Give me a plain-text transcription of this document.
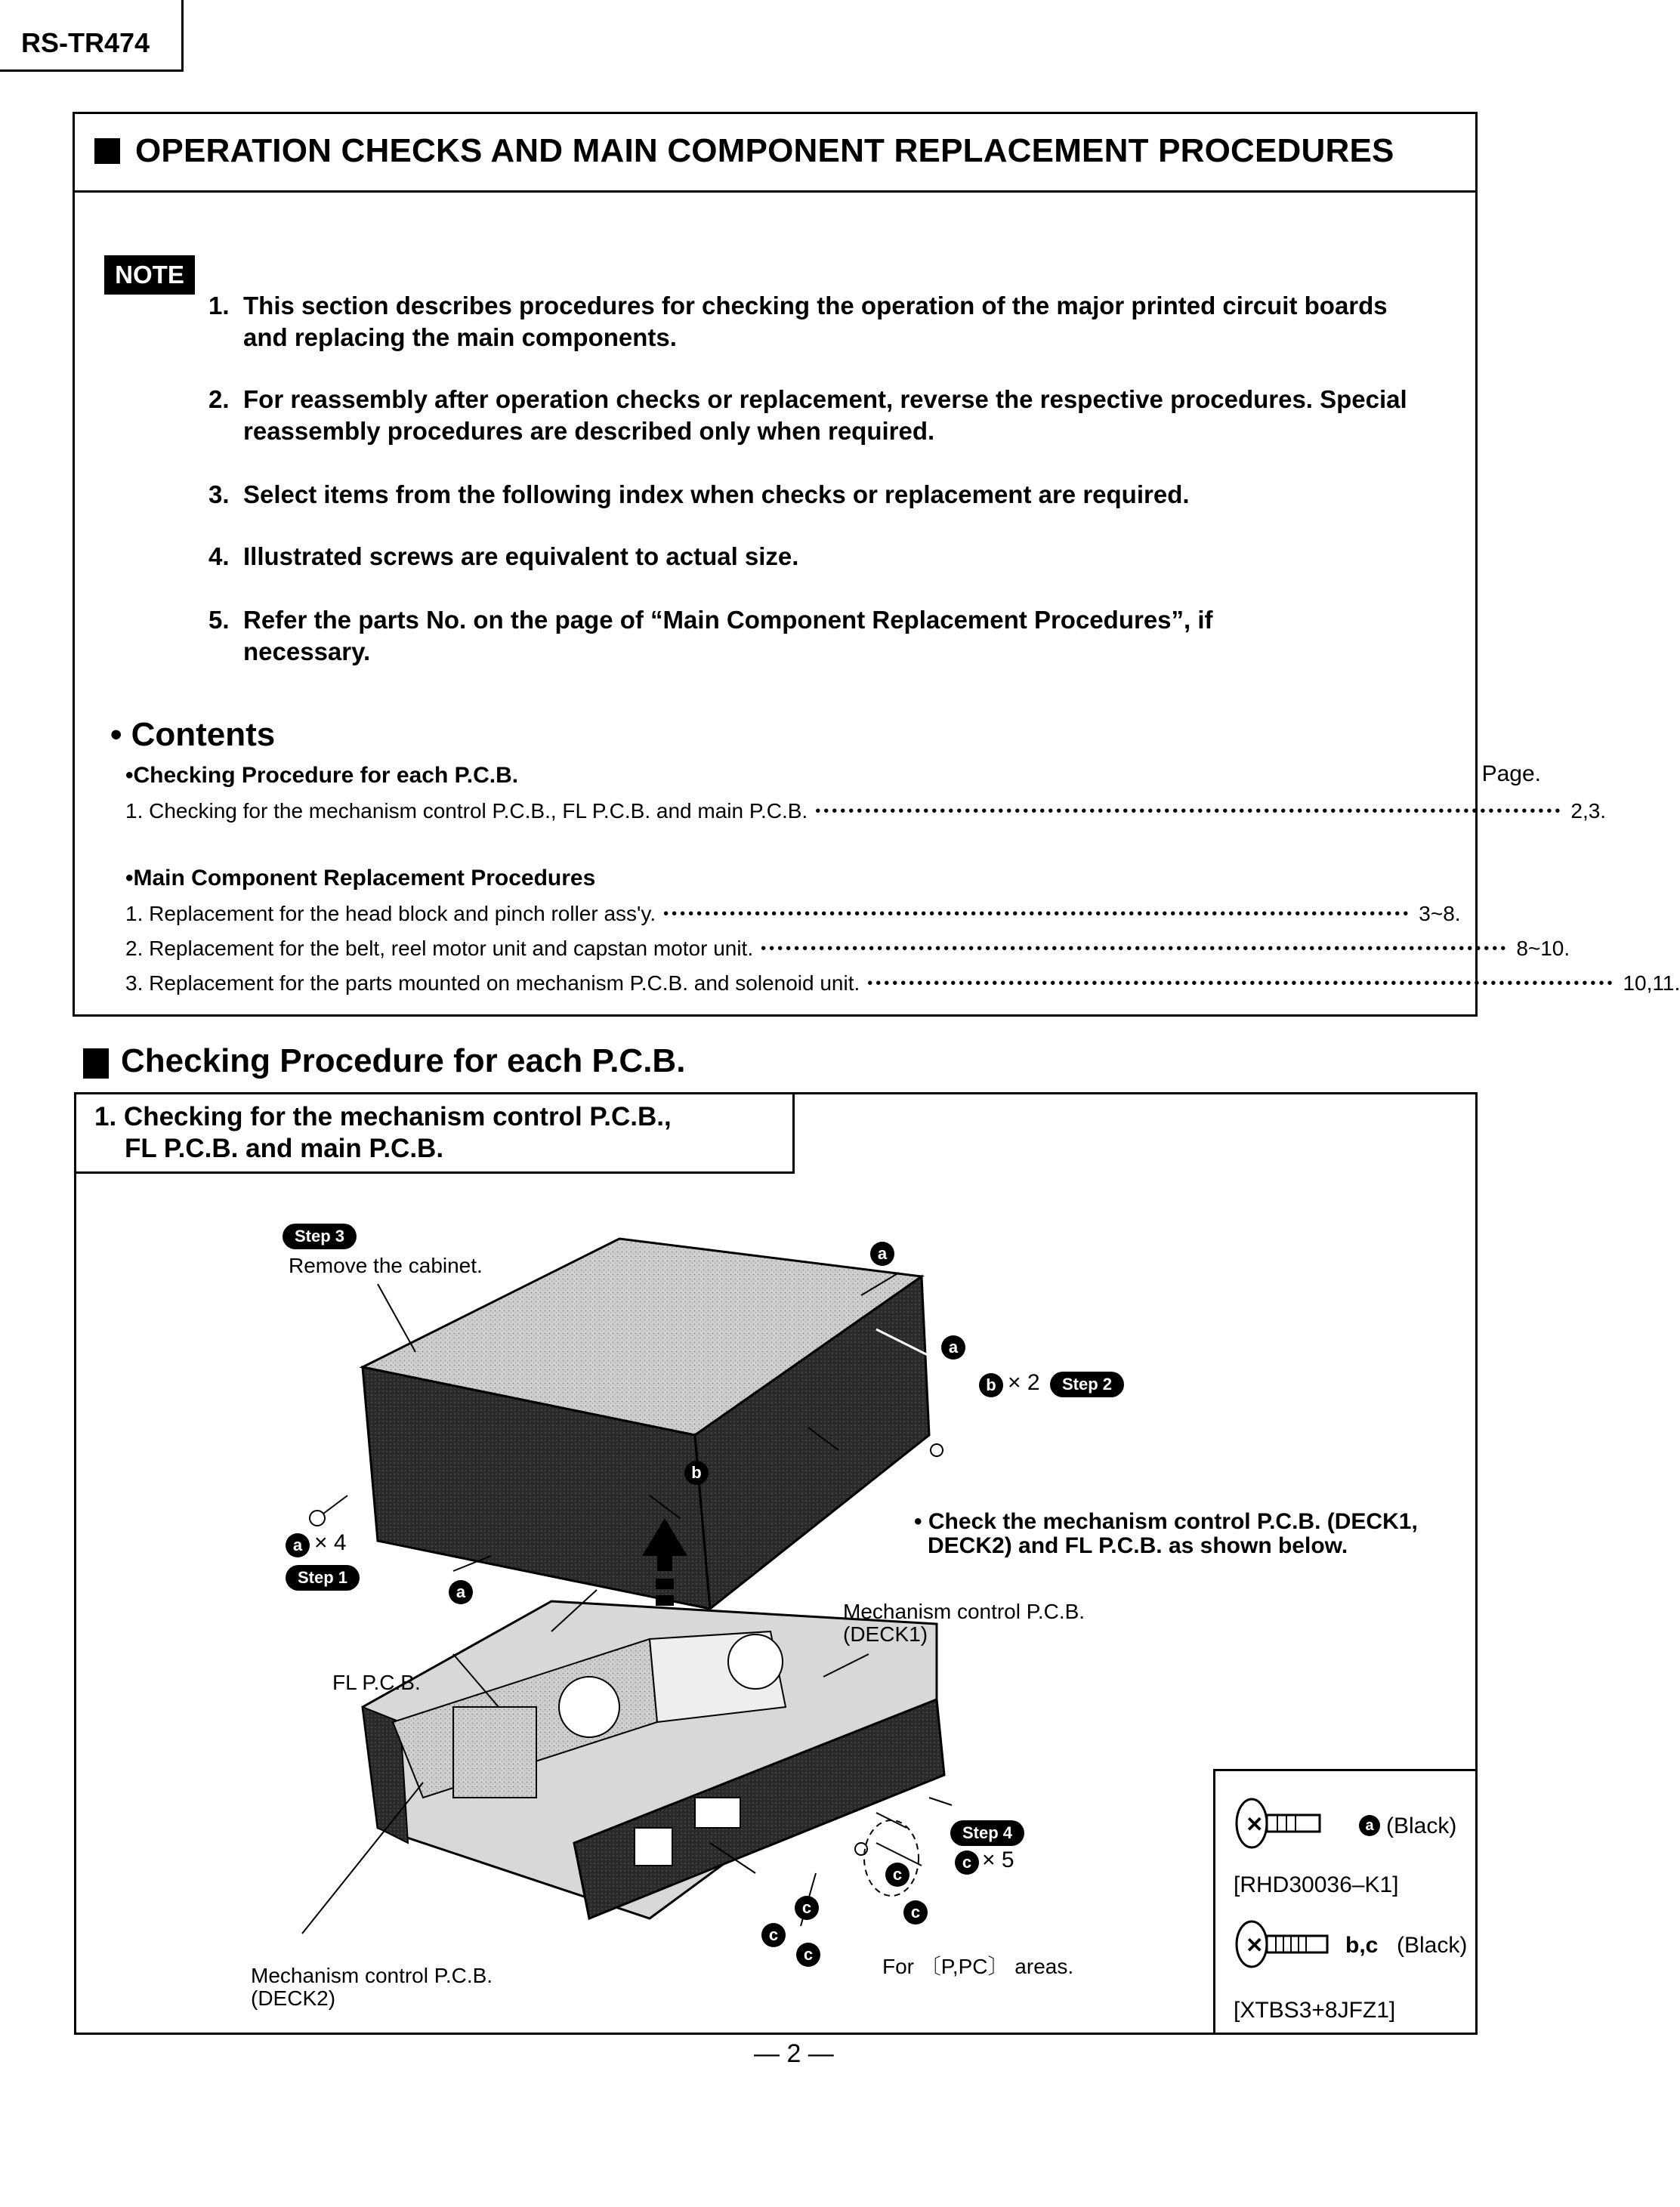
RS-TR474
OPERATION CHECKS AND MAIN COMPONENT REPLACEMENT PROCEDURES
NOTE
1. This section describes procedures for checking the operation of the major printed circuit boards and replacing the main components.
2. For reassembly after operation checks or replacement, reverse the respective procedures. Special reassembly procedures are described only when required.
3. Select items from the following index when checks or replacement are required.
4. Illustrated screws are equivalent to actual size.
5. Refer the parts No. on the page of “Main Component Replacement Procedures”, if necessary.
• Contents
Page.
•Checking Procedure for each P.C.B.
1. Checking for the mechanism control P.C.B., FL P.C.B. and main P.C.B. •••••••••••••••••••••••••••••••••••••••••••••••••••••••••••••••••••••••••••••••••••••••••• 2,3.
•Main Component Replacement Procedures
1. Replacement for the head block and pinch roller ass'y. •••••••••••••••••••••••••••••••••••••••••••••••••••••••••••••••••••••••••••••••••••••••••• 3~8.
2. Replacement for the belt, reel motor unit and capstan motor unit. •••••••••••••••••••••••••••••••••••••••••••••••••••••••••••••••••••••••••••••••••••••••••• 8~10.
3. Replacement for the parts mounted on mechanism P.C.B. and solenoid unit. •••••••••••••••••••••••••••••••••••••••••••••••••••••••••••••••••••••••••••••••••••••••••• 10,11.
Checking Procedure for each P.C.B.
1. Checking for the mechanism control P.C.B.,
FL P.C.B. and main P.C.B.
Step 3
Remove the cabinet.
a
a
b × 2	Step 2
b
a × 4
Step 1
a
• Check the mechanism control P.C.B. (DECK1,
DECK2) and FL P.C.B. as shown below.
Mechanism control P.C.B.
(DECK1)
FL P.C.B.
Step 4
c × 5
c
c
c
c
c
For 〔P,PC〕 areas.
Mechanism control P.C.B.
(DECK2)
✕	a (Black)
[RHD30036–K1]
✕	b,c (Black)
[XTBS3+8JFZ1]
— 2 —
